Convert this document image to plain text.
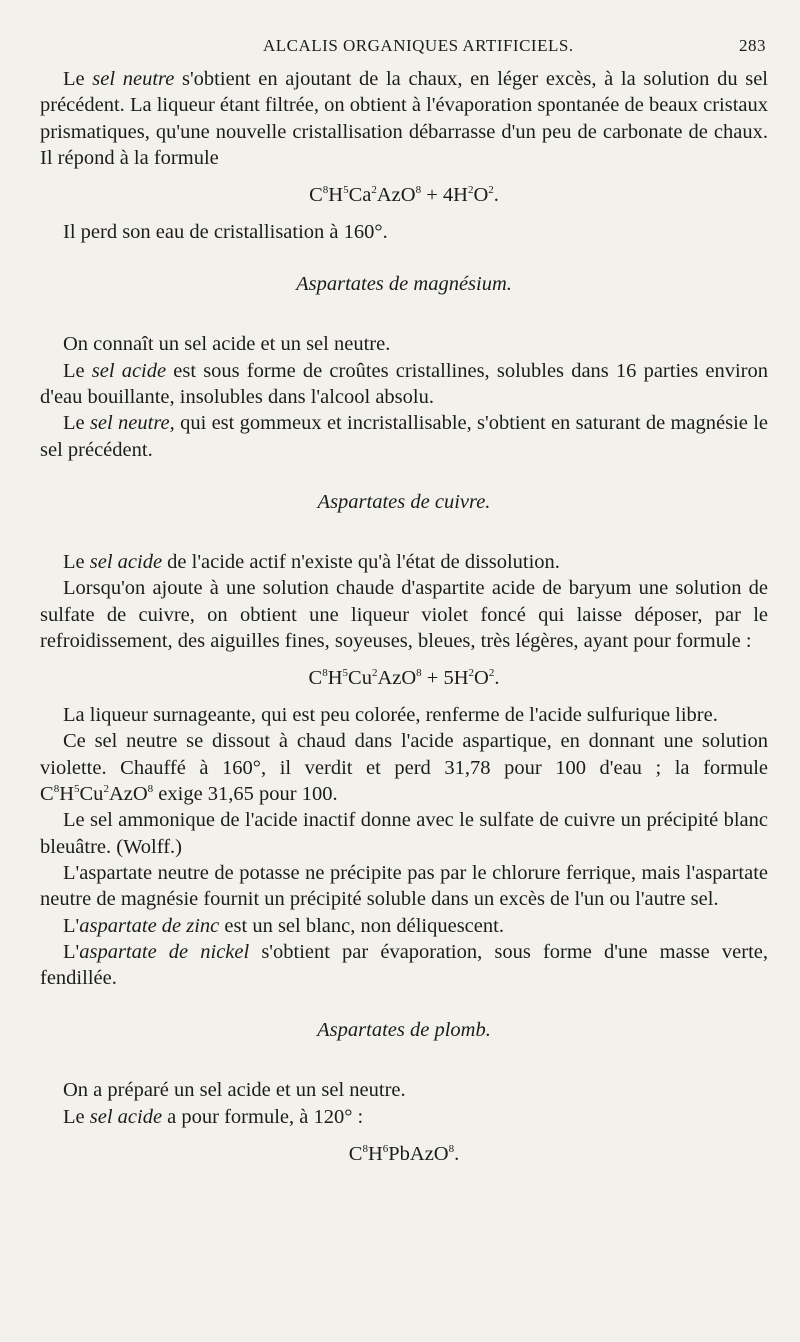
ALCALIS ORGANIQUES ARTIFICIELS.	283

Le sel neutre s'obtient en ajoutant de la chaux, en léger excès, à la solution du sel précédent. La liqueur étant filtrée, on obtient à l'évaporation spontanée de beaux cristaux prismatiques, qu'une nouvelle cristallisation débarrasse d'un peu de carbonate de chaux. Il répond à la formule

$C^8H^5Ca^2AzO^8 + 4H^2O^2$.

Il perd son eau de cristallisation à 160°.

Aspartates de magnésium.

On connaît un sel acide et un sel neutre.

Le sel acide est sous forme de croûtes cristallines, solubles dans 16 parties environ d'eau bouillante, insolubles dans l'alcool absolu.

Le sel neutre, qui est gommeux et incristallisable, s'obtient en saturant de magnésie le sel précédent.

Aspartates de cuivre.

Le sel acide de l'acide actif n'existe qu'à l'état de dissolution.

Lorsqu'on ajoute à une solution chaude d'aspartite acide de baryum une solution de sulfate de cuivre, on obtient une liqueur violet foncé qui laisse déposer, par le refroidissement, des aiguilles fines, soyeuses, bleues, très légères, ayant pour formule :

$C^8H^5Cu^2AzO^8 + 5H^2O^2$.

La liqueur surnageante, qui est peu colorée, renferme de l'acide sulfurique libre.

Ce sel neutre se dissout à chaud dans l'acide aspartique, en donnant une solution violette. Chauffé à 160°, il verdit et perd 31,78 pour 100 d'eau ; la formule $C^8H^5Cu^2AzO^8$ exige 31,65 pour 100.

Le sel ammonique de l'acide inactif donne avec le sulfate de cuivre un précipité blanc bleuâtre. (Wolff.)

L'aspartate neutre de potasse ne précipite pas par le chlorure ferrique, mais l'aspartate neutre de magnésie fournit un précipité soluble dans un excès de l'un ou l'autre sel.

L'aspartate de zinc est un sel blanc, non déliquescent.

L'aspartate de nickel s'obtient par évaporation, sous forme d'une masse verte, fendillée.

Aspartates de plomb.

On a préparé un sel acide et un sel neutre.

Le sel acide a pour formule, à 120° :

$C^8H^6PbAzO^8$.
